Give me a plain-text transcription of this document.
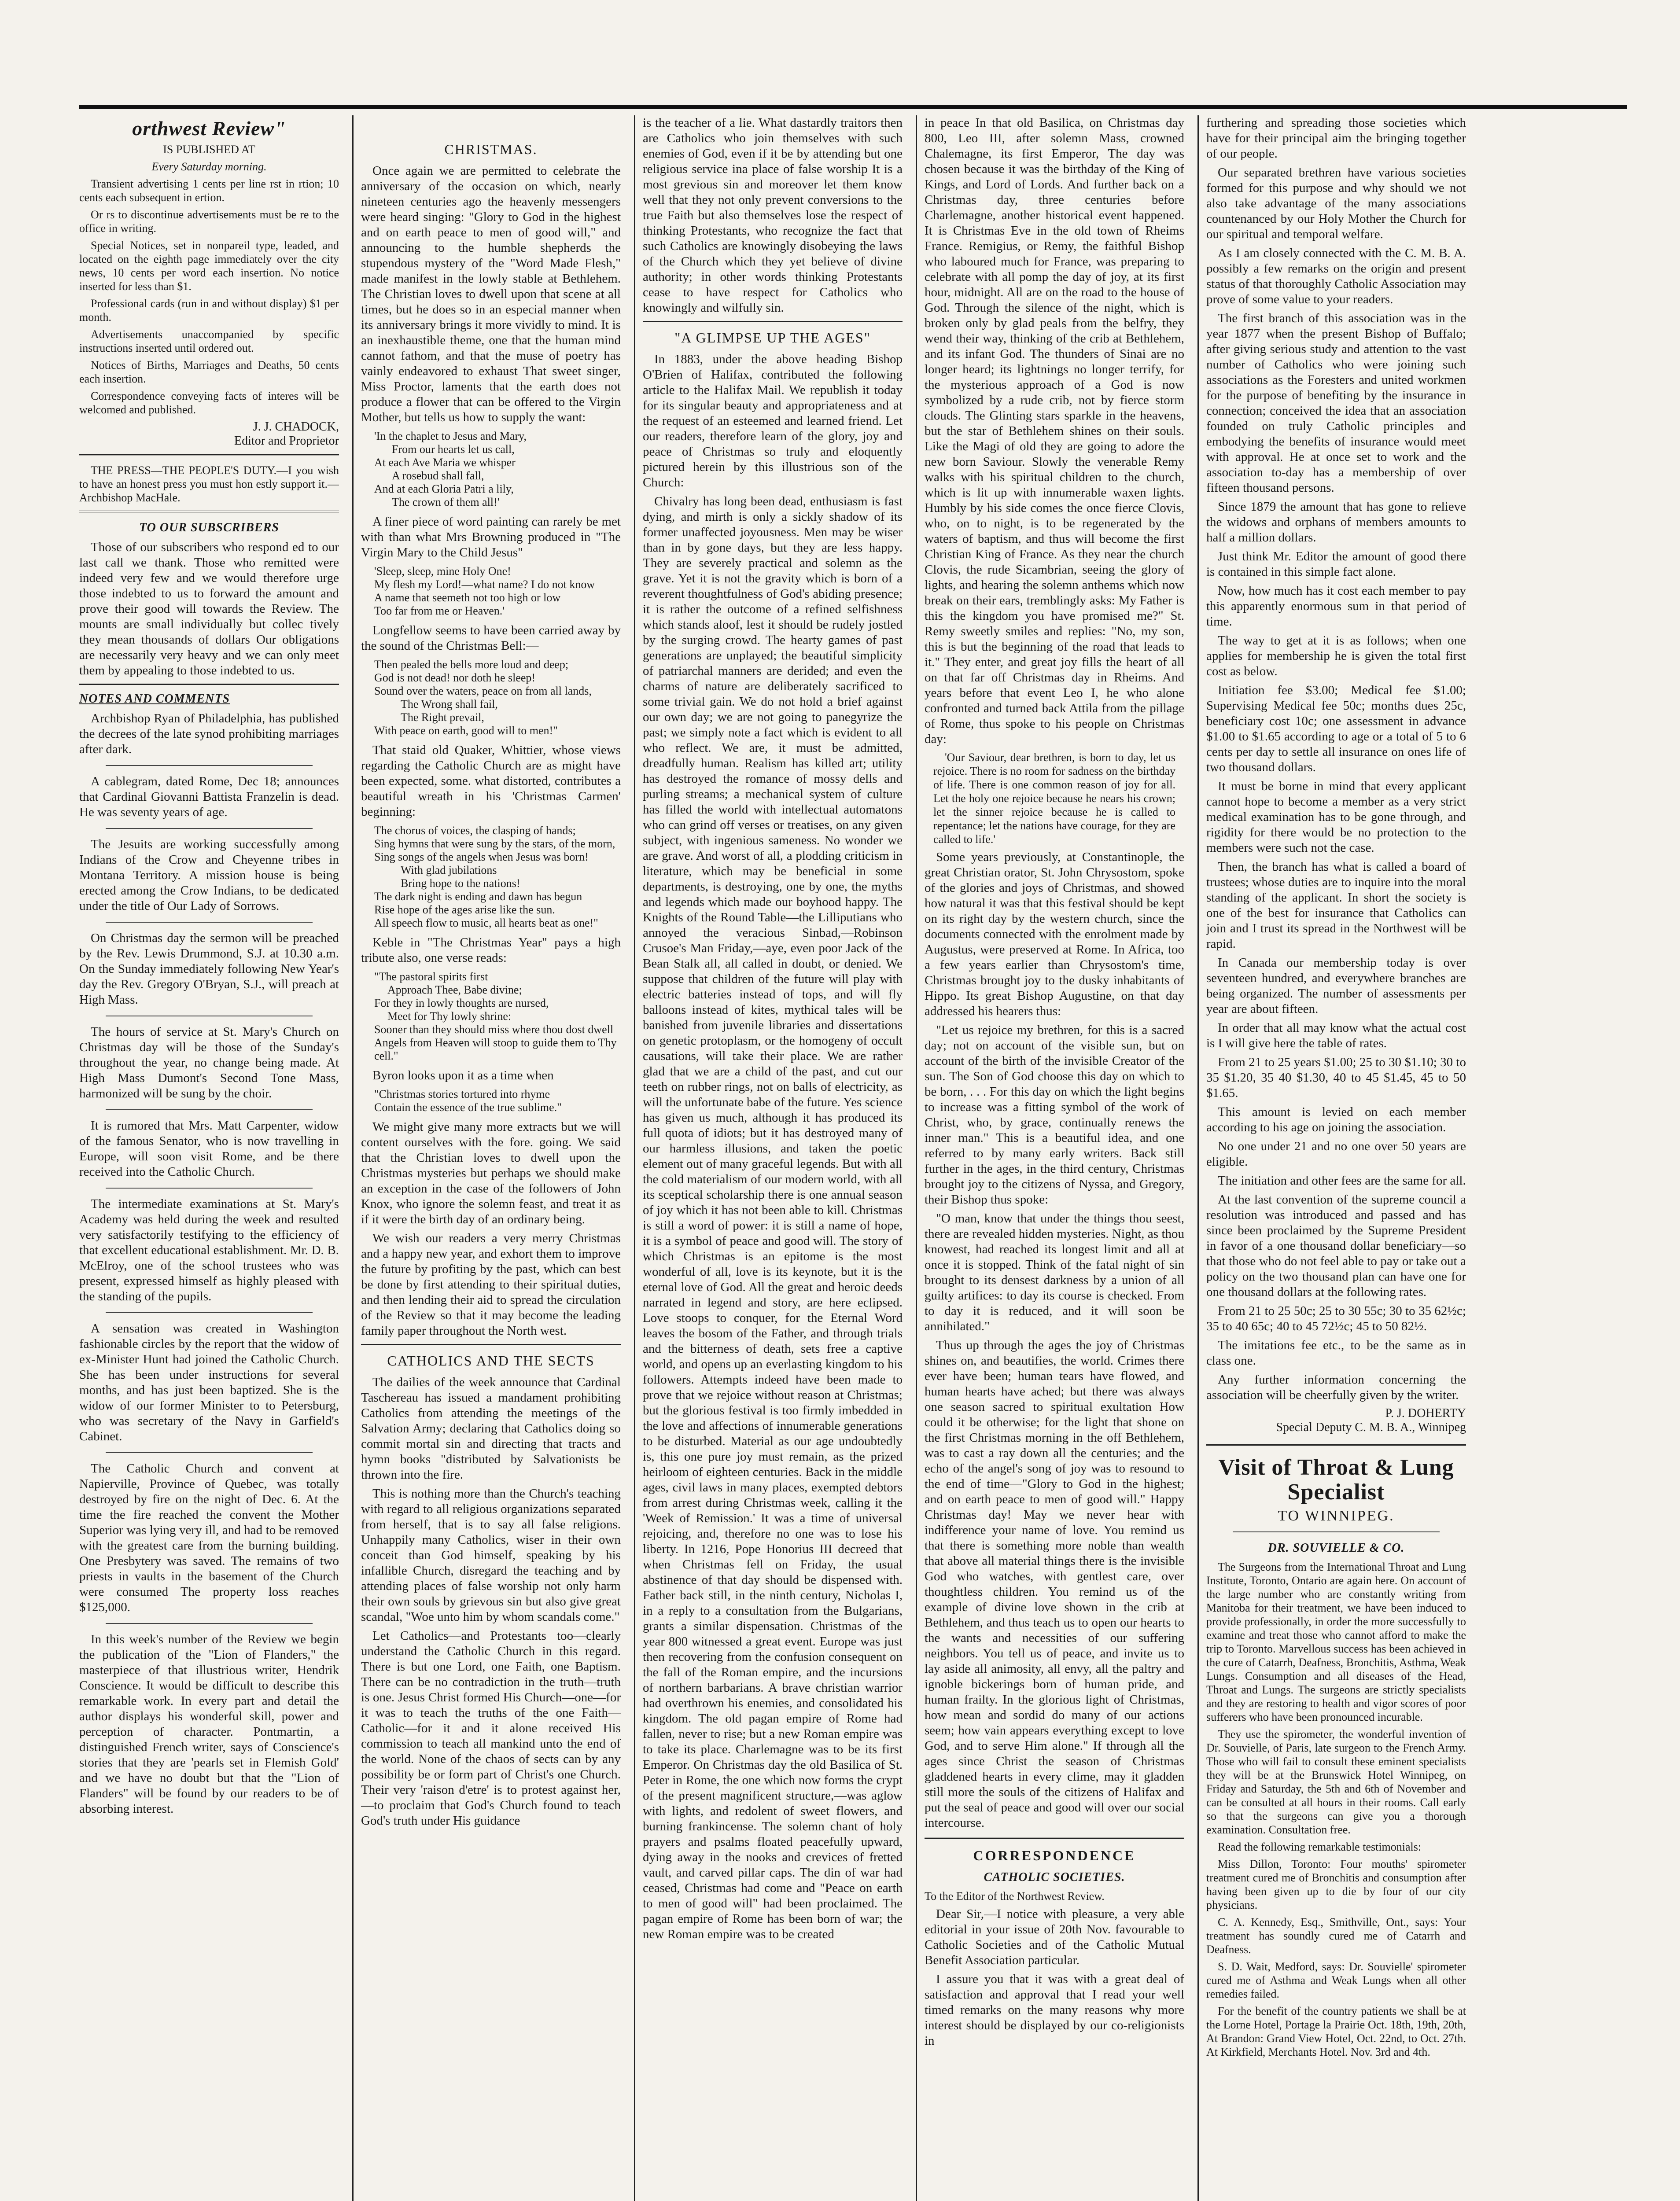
orthwest Review"

IS PUBLISHED AT

Every Saturday morning.

Transient advertising 1 cents per line rst in rtion; 10 cents each subsequent in ertion.

Or rs to discontinue advertisements must be re to the office in writing.

Special Notices, set in nonpareil type, leaded, and located on the eighth page immediately over the city news, 10 cents per word each insertion. No notice inserted for less than $1.

Professional cards (run in and without display) $1 per month.

Advertisements unaccompanied by specific instructions inserted until ordered out.

Notices of Births, Marriages and Deaths, 50 cents each insertion.

Correspondence conveying facts of interes will be welcomed and published.

J. J. CHADOCK,
Editor and Proprietor

THE PRESS—THE PEOPLE'S DUTY.—I you wish to have an honest press you must hon estly support it.—Archbishop MacHale.

TO OUR SUBSCRIBERS

Those of our subscribers who respond ed to our last call we thank. Those who remitted were indeed very few and we would therefore urge those indebted to us to forward the amount and prove their good will towards the Review. The mounts are small individually but collec tively they mean thousands of dollars Our obligations are necessarily very heavy and we can only meet them by appealing to those indebted to us.

NOTES AND COMMENTS

Archbishop Ryan of Philadelphia, has published the decrees of the late synod prohibiting marriages after dark.

A cablegram, dated Rome, Dec 18; announces that Cardinal Giovanni Battista Franzelin is dead. He was seventy years of age.

The Jesuits are working successfully among Indians of the Crow and Cheyenne tribes in Montana Territory. A mission house is being erected among the Crow Indians, to be dedicated under the title of Our Lady of Sorrows.

On Christmas day the sermon will be preached by the Rev. Lewis Drummond, S.J. at 10.30 a.m. On the Sunday immediately following New Year's day the Rev. Gregory O'Bryan, S.J., will preach at High Mass.

The hours of service at St. Mary's Church on Christmas day will be those of the Sunday's throughout the year, no change being made. At High Mass Dumont's Second Tone Mass, harmonized will be sung by the choir.

It is rumored that Mrs. Matt Carpenter, widow of the famous Senator, who is now travelling in Europe, will soon visit Rome, and be there received into the Catholic Church.

The intermediate examinations at St. Mary's Academy was held during the week and resulted very satisfactorily testifying to the efficiency of that excellent educational establishment. Mr. D. B. McElroy, one of the school trustees who was present, expressed himself as highly pleased with the standing of the pupils.

A sensation was created in Washington fashionable circles by the report that the widow of ex-Minister Hunt had joined the Catholic Church. She has been under instructions for several months, and has just been baptized. She is the widow of our former Minister to to Petersburg, who was secretary of the Navy in Garfield's Cabinet.

The Catholic Church and convent at Napierville, Province of Quebec, was totally destroyed by fire on the night of Dec. 6. At the time the fire reached the convent the Mother Superior was lying very ill, and had to be removed with the greatest care from the burning building. One Presbytery was saved. The remains of two priests in vaults in the basement of the Church were consumed The property loss reaches $125,000.

In this week's number of the Review we begin the publication of the "Lion of Flanders," the masterpiece of that illustrious writer, Hendrik Conscience. It would be difficult to describe this remarkable work. In every part and detail the author displays his wonderful skill, power and perception of character. Pontmartin, a distinguished French writer, says of Conscience's stories that they are 'pearls set in Flemish Gold' and we have no doubt but that the "Lion of Flanders" will be found by our readers to be of absorbing interest.

CHRISTMAS.

Once again we are permitted to celebrate the anniversary of the occasion on which, nearly nineteen centuries ago the heavenly messengers were heard singing: "Glory to God in the highest and on earth peace to men of good will," and announcing to the humble shepherds the stupendous mystery of the "Word Made Flesh," made manifest in the lowly stable at Bethlehem. The Christian loves to dwell upon that scene at all times, but he does so in an especial manner when its anniversary brings it more vividly to mind. It is an inexhaustible theme, one that the human mind cannot fathom, and that the muse of poetry has vainly endeavored to exhaust That sweet singer, Miss Proctor, laments that the earth does not produce a flower that can be offered to the Virgin Mother, but tells us how to supply the want:

'In the chaplet to Jesus and Mary,
From our hearts let us call,
At each Ave Maria we whisper
A rosebud shall fall,
And at each Gloria Patri a lily,
The crown of them all!'

A finer piece of word painting can rarely be met with than what Mrs Browning produced in "The Virgin Mary to the Child Jesus"

'Sleep, sleep, mine Holy One!
My flesh my Lord!—what name? I do not know
A name that seemeth not too high or low
Too far from me or Heaven.'

Longfellow seems to have been carried away by the sound of the Christmas Bell:—

Then pealed the bells more loud and deep;
God is not dead! nor doth he sleep!
Sound over the waters, peace on from all lands,
The Wrong shall fail,
The Right prevail,
With peace on earth, good will to men!"

That staid old Quaker, Whittier, whose views regarding the Catholic Church are as might have been expected, some. what distorted, contributes a beautiful wreath in his 'Christmas Carmen' beginning:

The chorus of voices, the clasping of hands;
Sing hymns that were sung by the stars, of the morn,
Sing songs of the angels when Jesus was born!
With glad jubilations
Bring hope to the nations!
The dark night is ending and dawn has begun
Rise hope of the ages arise like the sun.
All speech flow to music, all hearts beat as one!"

Keble in "The Christmas Year" pays a high tribute also, one verse reads:

"The pastoral spirits first
Approach Thee, Babe divine;
For they in lowly thoughts are nursed,
Meet for Thy lowly shrine:
Sooner than they should miss where thou dost dwell
Angels from Heaven will stoop to guide them to Thy cell."

Byron looks upon it as a time when

"Christmas stories tortured into rhyme
Contain the essence of the true sublime."

We might give many more extracts but we will content ourselves with the fore. going. We said that the Christian loves to dwell upon the Christmas mysteries but perhaps we should make an exception in the case of the followers of John Knox, who ignore the solemn feast, and treat it as if it were the birth day of an ordinary being.

We wish our readers a very merry Christmas and a happy new year, and exhort them to improve the future by profiting by the past, which can best be done by first attending to their spiritual duties, and then lending their aid to spread the circulation of the Review so that it may become the leading family paper throughout the North west.

CATHOLICS AND THE SECTS

The dailies of the week announce that Cardinal Taschereau has issued a mandament prohibiting Catholics from attending the meetings of the Salvation Army; declaring that Catholics doing so commit mortal sin and directing that tracts and hymn books "distributed by Salvationists be thrown into the fire.

This is nothing more than the Church's teaching with regard to all religious organizations separated from herself, that is to say all false religions. Unhappily many Catholics, wiser in their own conceit than God himself, speaking by his infallible Church, disregard the teaching and by attending places of false worship not only harm their own souls by grievous sin but also give great scandal, "Woe unto him by whom scandals come."

Let Catholics—and Protestants too—clearly understand the Catholic Church in this regard. There is but one Lord, one Faith, one Baptism. There can be no contradiction in the truth—truth is one. Jesus Christ formed His Church—one—for it was to teach the truths of the one Faith—Catholic—for it and it alone received His commission to teach all mankind unto the end of the world. None of the chaos of sects can by any possibility be or form part of Christ's one Church. Their very 'raison d'etre' is to protest against her,—to proclaim that God's Church found to teach God's truth under His guidance

is the teacher of a lie. What dastardly traitors then are Catholics who join themselves with such enemies of God, even if it be by attending but one religious service ina place of false worship It is a most grevious sin and moreover let them know well that they not only prevent conversions to the true Faith but also themselves lose the respect of thinking Protestants, who recognize the fact that such Catholics are knowingly disobeying the laws of the Church which they yet believe of divine authority; in other words thinking Protestants cease to have respect for Catholics who knowingly and wilfully sin.

"A GLIMPSE UP THE AGES"

In 1883, under the above heading Bishop O'Brien of Halifax, contributed the following article to the Halifax Mail. We republish it today for its singular beauty and appropriateness and at the request of an esteemed and learned friend. Let our readers, therefore learn of the glory, joy and peace of Christmas so truly and eloquently pictured herein by this illustrious son of the Church:

Chivalry has long been dead, enthusiasm is fast dying, and mirth is only a sickly shadow of its former unaffected joyousness. Men may be wiser than in by gone days, but they are less happy. They are severely practical and solemn as the grave. Yet it is not the gravity which is born of a reverent thoughtfulness of God's abiding presence; it is rather the outcome of a refined selfishness which stands aloof, lest it should be rudely jostled by the surging crowd. The hearty games of past generations are unplayed; the beautiful simplicity of patriarchal manners are derided; and even the charms of nature are deliberately sacrificed to some trivial gain. We do not hold a brief against our own day; we are not going to panegyrize the past; we simply note a fact which is evident to all who reflect. We are, it must be admitted, dreadfully human. Realism has killed art; utility has destroyed the romance of mossy dells and purling streams; a mechanical system of culture has filled the world with intellectual automatons who can grind off verses or treatises, on any given subject, with ingenious sameness. No wonder we are grave. And worst of all, a plodding criticism in literature, which may be beneficial in some departments, is destroying, one by one, the myths and legends which made our boyhood happy. The Knights of the Round Table—the Lilliputians who annoyed the veracious Sinbad,—Robinson Crusoe's Man Friday,—aye, even poor Jack of the Bean Stalk all, all called in doubt, or denied. We suppose that children of the future will play with electric batteries instead of tops, and will fly balloons instead of kites, mythical tales will be banished from juvenile libraries and dissertations on genetic protoplasm, or the homogeny of occult causations, will take their place. We are rather glad that we are a child of the past, and cut our teeth on rubber rings, not on balls of electricity, as will the unfortunate babe of the future. Yes science has given us much, although it has produced its full quota of idiots; but it has destroyed many of our harmless illusions, and taken the poetic element out of many graceful legends. But with all the cold materialism of our modern world, with all its sceptical scholarship there is one annual season of joy which it has not been able to kill. Christmas is still a word of power: it is still a name of hope, it is a symbol of peace and good will. The story of which Christmas is an epitome is the most wonderful of all, love is its keynote, but it is the eternal love of God. All the great and heroic deeds narrated in legend and story, are here eclipsed. Love stoops to conquer, for the Eternal Word leaves the bosom of the Father, and through trials and the bitterness of death, sets free a captive world, and opens up an everlasting kingdom to his followers. Attempts indeed have been made to prove that we rejoice without reason at Christmas; but the glorious festival is too firmly imbedded in the love and affections of innumerable generations to be disturbed. Material as our age undoubtedly is, this one pure joy must remain, as the prized heirloom of eighteen centuries. Back in the middle ages, civil laws in many places, exempted debtors from arrest during Christmas week, calling it the 'Week of Remission.' It was a time of universal rejoicing, and, therefore no one was to lose his liberty. In 1216, Pope Honorius III decreed that when Christmas fell on Friday, the usual abstinence of that day should be dispensed with. Father back still, in the ninth century, Nicholas I, in a reply to a consultation from the Bulgarians, grants a similar dispensation. Christmas of the year 800 witnessed a great event. Europe was just then recovering from the confusion consequent on the fall of the Roman empire, and the incursions of northern barbarians. A brave christian warrior had overthrown his enemies, and consolidated his kingdom. The old pagan empire of Rome had fallen, never to rise; but a new Roman empire was to take its place. Charlemagne was to be its first Emperor. On Christmas day the old Basilica of St. Peter in Rome, the one which now forms the crypt of the present magnificent structure,—was aglow with lights, and redolent of sweet flowers, and burning frankincense. The solemn chant of holy prayers and psalms floated peacefully upward, dying away in the nooks and crevices of fretted vault, and carved pillar caps. The din of war had ceased, Christmas had come and "Peace on earth to men of good will" had been proclaimed. The pagan empire of Rome has been born of war; the new Roman empire was to be created

in peace In that old Basilica, on Christmas day 800, Leo III, after solemn Mass, crowned Chalemagne, its first Emperor, The day was chosen because it was the birthday of the King of Kings, and Lord of Lords. And further back on a Christmas day, three centuries before Charlemagne, another historical event happened. It is Christmas Eve in the old town of Rheims France. Remigius, or Remy, the faithful Bishop who laboured much for France, was preparing to celebrate with all pomp the day of joy, at its first hour, midnight. All are on the road to the house of God. Through the silence of the night, which is broken only by glad peals from the belfry, they wend their way, thinking of the crib at Bethlehem, and its infant God. The thunders of Sinai are no longer heard; its lightnings no longer terrify, for the mysterious approach of a God is now symbolized by a rude crib, not by fierce storm clouds. The Glinting stars sparkle in the heavens, but the star of Bethlehem shines on their souls. Like the Magi of old they are going to adore the new born Saviour. Slowly the venerable Remy walks with his spiritual children to the church, which is lit up with innumerable waxen lights. Humbly by his side comes the once fierce Clovis, who, on to night, is to be regenerated by the waters of baptism, and thus will become the first Christian King of France. As they near the church Clovis, the rude Sicambrian, seeing the glory of lights, and hearing the solemn anthems which now break on their ears, tremblingly asks: My Father is this the kingdom you have promised me?" St. Remy sweetly smiles and replies: "No, my son, this is but the beginning of the road that leads to it." They enter, and great joy fills the heart of all on that far off Christmas day in Rheims. And years before that event Leo I, he who alone confronted and turned back Attila from the pillage of Rome, thus spoke to his people on Christmas day:

'Our Saviour, dear brethren, is born to day, let us rejoice. There is no room for sadness on the birthday of life. There is one common reason of joy for all. Let the holy one rejoice because he nears his crown; let the sinner rejoice because he is called to repentance; let the nations have courage, for they are called to life.'

Some years previously, at Constantinople, the great Christian orator, St. John Chrysostom, spoke of the glories and joys of Christmas, and showed how natural it was that this festival should be kept on its right day by the western church, since the documents connected with the enrolment made by Augustus, were preserved at Rome. In Africa, too a few years earlier than Chrysostom's time, Christmas brought joy to the dusky inhabitants of Hippo. Its great Bishop Augustine, on that day addressed his hearers thus:

"Let us rejoice my brethren, for this is a sacred day; not on account of the visible sun, but on account of the birth of the invisible Creator of the sun. The Son of God choose this day on which to be born, . . . For this day on which the light begins to increase was a fitting symbol of the work of Christ, who, by grace, continually renews the inner man." This is a beautiful idea, and one referred to by many early writers. Back still further in the ages, in the third century, Christmas brought joy to the citizens of Nyssa, and Gregory, their Bishop thus spoke:

"O man, know that under the things thou seest, there are revealed hidden mysteries. Night, as thou knowest, had reached its longest limit and all at once it is stopped. Think of the fatal night of sin brought to its densest darkness by a union of all guilty artifices: to day its course is checked. From to day it is reduced, and it will soon be annihilated."

Thus up through the ages the joy of Christmas shines on, and beautifies, the world. Crimes there ever have been; human tears have flowed, and human hearts have ached; but there was always one season sacred to spiritual exultation How could it be otherwise; for the light that shone on the first Christmas morning in the off Bethlehem, was to cast a ray down all the centuries; and the echo of the angel's song of joy was to resound to the end of time—"Glory to God in the highest; and on earth peace to men of good will." Happy Christmas day! May we never hear with indifference your name of love. You remind us that there is something more noble than wealth that above all material things there is the invisible God who watches, with gentlest care, over thoughtless children. You remind us of the example of divine love shown in the crib at Bethlehem, and thus teach us to open our hearts to the wants and necessities of our suffering neighbors. You tell us of peace, and invite us to lay aside all animosity, all envy, all the paltry and ignoble bickerings born of human pride, and human frailty. In the glorious light of Christmas, how mean and sordid do many of our actions seem; how vain appears everything except to love God, and to serve Him alone." If through all the ages since Christ the season of Christmas gladdened hearts in every clime, may it gladden still more the souls of the citizens of Halifax and put the seal of peace and good will over our social intercourse.

CORRESPONDENCE
CATHOLIC SOCIETIES.

To the Editor of the Northwest Review.

Dear Sir,—I notice with pleasure, a very able editorial in your issue of 20th Nov. favourable to Catholic Societies and of the Catholic Mutual Benefit Association particular.

I assure you that it was with a great deal of satisfaction and approval that I read your well timed remarks on the many reasons why more interest should be displayed by our co-religionists in

furthering and spreading those societies which have for their principal aim the bringing together of our people.

Our separated brethren have various societies formed for this purpose and why should we not also take advantage of the many associations countenanced by our Holy Mother the Church for our spiritual and temporal welfare.

As I am closely connected with the C. M. B. A. possibly a few remarks on the origin and present status of that thoroughly Catholic Association may prove of some value to your readers.

The first branch of this association was in the year 1877 when the present Bishop of Buffalo; after giving serious study and attention to the vast number of Catholics who were joining such associations as the Foresters and united workmen for the purpose of benefiting by the insurance in connection; conceived the idea that an association founded on truly Catholic principles and embodying the benefits of insurance would meet with approval. He at once set to work and the association to-day has a membership of over fifteen thousand persons.

Since 1879 the amount that has gone to relieve the widows and orphans of members amounts to half a million dollars.

Just think Mr. Editor the amount of good there is contained in this simple fact alone.

Now, how much has it cost each member to pay this apparently enormous sum in that period of time.

The way to get at it is as follows; when one applies for membership he is given the total first cost as below.

Initiation fee $3.00; Medical fee $1.00; Supervising Medical fee 50c; months dues 25c, beneficiary cost 10c; one assessment in advance $1.00 to $1.65 according to age or a total of 5 to 6 cents per day to settle all insurance on ones life of two thousand dollars.

It must be borne in mind that every applicant cannot hope to become a member as a very strict medical examination has to be gone through, and rigidity for there would be no protection to the members were such not the case.

Then, the branch has what is called a board of trustees; whose duties are to inquire into the moral standing of the applicant. In short the society is one of the best for insurance that Catholics can join and I trust its spread in the Northwest will be rapid.

In Canada our membership today is over seventeen hundred, and everywhere branches are being organized. The number of assessments per year are about fifteen.

In order that all may know what the actual cost is I will give here the table of rates.

From 21 to 25 years $1.00; 25 to 30 $1.10; 30 to 35 $1.20, 35 40 $1.30, 40 to 45 $1.45, 45 to 50 $1.65.

This amount is levied on each member according to his age on joining the association.

No one under 21 and no one over 50 years are eligible.

The initiation and other fees are the same for all.

At the last convention of the supreme council a resolution was introduced and passed and has since been proclaimed by the Supreme President in favor of a one thousand dollar beneficiary—so that those who do not feel able to pay or take out a policy on the two thousand plan can have one for one thousand dollars at the following rates.

From 21 to 25 50c; 25 to 30 55c; 30 to 35 62½c; 35 to 40 65c; 40 to 45 72½c; 45 to 50 82½.

The imitations fee etc., to be the same as in class one.

Any further information concerning the association will be cheerfully given by the writer.

P. J. DOHERTY
Special Deputy C. M. B. A., Winnipeg
Visit of Throat & Lung Specialist
TO WINNIPEG.
DR. SOUVIELLE & CO.

The Surgeons from the International Throat and Lung Institute, Toronto, Ontario are again here. On account of the large number who are constantly writing from Manitoba for their treatment, we have been induced to provide professionally, in order the more successfully to examine and treat those who cannot afford to make the trip to Toronto. Marvellous success has been achieved in the cure of Catarrh, Deafness, Bronchitis, Asthma, Weak Lungs. Consumption and all diseases of the Head, Throat and Lungs. The surgeons are strictly specialists and they are restoring to health and vigor scores of poor sufferers who have been pronounced incurable.

They use the spirometer, the wonderful invention of Dr. Souvielle, of Paris, late surgeon to the French Army. Those who will fail to consult these eminent specialists they will be at the Brunswick Hotel Winnipeg, on Friday and Saturday, the 5th and 6th of November and can be consulted at all hours in their rooms. Call early so that the surgeons can give you a thorough examination. Consultation free.

Read the following remarkable testimonials:

Miss Dillon, Toronto: Four mouths' spirometer treatment cured me of Bronchitis and consumption after having been given up to die by four of our city physicians.

C. A. Kennedy, Esq., Smithville, Ont., says: Your treatment has soundly cured me of Catarrh and Deafness.

S. D. Wait, Medford, says: Dr. Souvielle' spirometer cured me of Asthma and Weak Lungs when all other remedies failed.

For the benefit of the country patients we shall be at the Lorne Hotel, Portage la Prairie Oct. 18th, 19th, 20th, At Brandon: Grand View Hotel, Oct. 22nd, to Oct. 27th. At Kirkfield, Merchants Hotel. Nov. 3rd and 4th.
